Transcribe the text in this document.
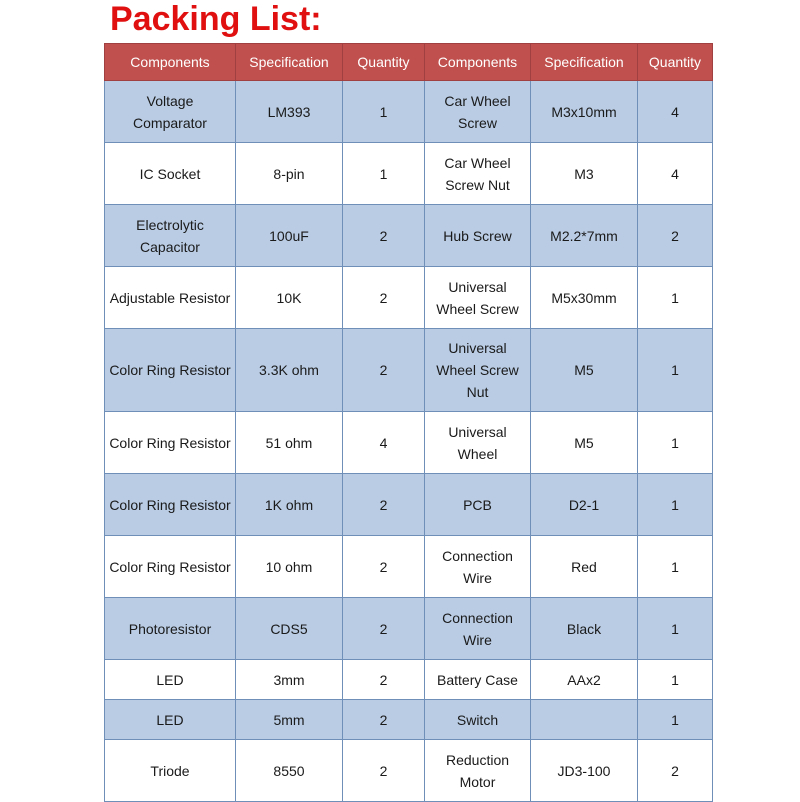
Packing List:
Components	Specification	Quantity	Components	Specification	Quantity
Voltage Comparator	LM393	1	Car Wheel Screw	M3x10mm	4
IC Socket	8-pin	1	Car Wheel Screw Nut	M3	4
Electrolytic Capacitor	100uF	2	Hub Screw	M2.2*7mm	2
Adjustable Resistor	10K	2	Universal Wheel Screw	M5x30mm	1
Color Ring Resistor	3.3K ohm	2	Universal Wheel Screw Nut	M5	1
Color Ring Resistor	51 ohm	4	Universal Wheel	M5	1
Color Ring Resistor	1K ohm	2	PCB	D2-1	1
Color Ring Resistor	10 ohm	2	Connection Wire	Red	1
Photoresistor	CDS5	2	Connection Wire	Black	1
LED	3mm	2	Battery Case	AAx2	1
LED	5mm	2	Switch		1
Triode	8550	2	Reduction Motor	JD3-100	2
